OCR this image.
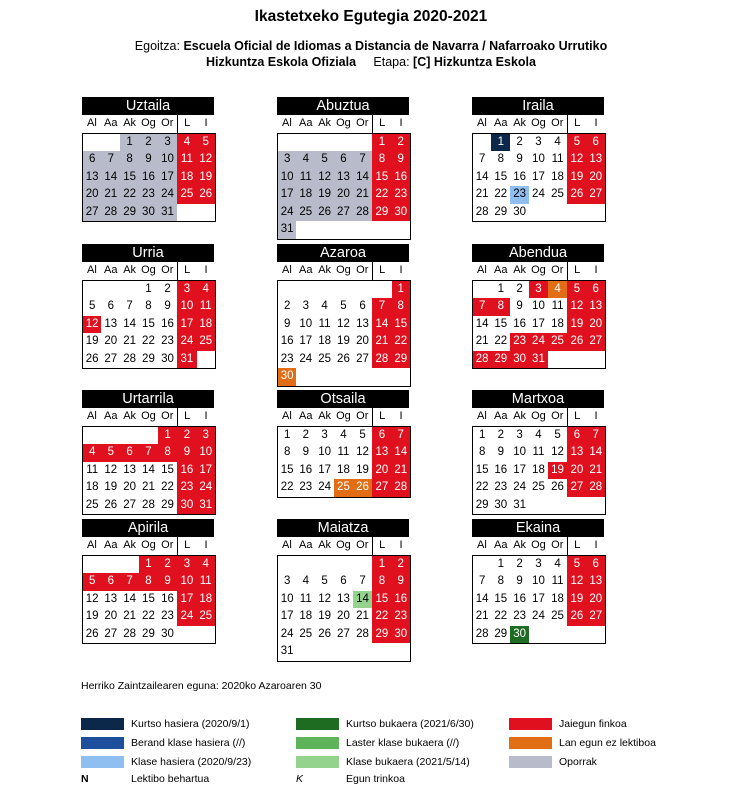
Ikastetxeko Egutegia 2020-2021
Egoitza: Escuela Oficial de Idiomas a Distancia de Navarra / Nafarroako Urrutiko
Hizkuntza Eskola Ofiziala Etapa: [C] Hizkuntza Eskola
Uztaila
Al	Aa	Ak	Og	Or	L	I
		1	2	3	4	5
6	7	8	9	10	11	12
13	14	15	16	17	18	19
20	21	22	23	24	25	26
27	28	29	30	31		
Abuztua
Al	Aa	Ak	Og	Or	L	I
					1	2
3	4	5	6	7	8	9
10	11	12	13	14	15	16
17	18	19	20	21	22	23
24	25	26	27	28	29	30
31						
Iraila
Al	Aa	Ak	Og	Or	L	I
	1	2	3	4	5	6
7	8	9	10	11	12	13
14	15	16	17	18	19	20
21	22	23	24	25	26	27
28	29	30				
Urria
Al	Aa	Ak	Og	Or	L	I
			1	2	3	4
5	6	7	8	9	10	11
12	13	14	15	16	17	18
19	20	21	22	23	24	25
26	27	28	29	30	31	
Azaroa
Al	Aa	Ak	Og	Or	L	I
						1
2	3	4	5	6	7	8
9	10	11	12	13	14	15
16	17	18	19	20	21	22
23	24	25	26	27	28	29
30						
Abendua
Al	Aa	Ak	Og	Or	L	I
	1	2	3	4	5	6
7	8	9	10	11	12	13
14	15	16	17	18	19	20
21	22	23	24	25	26	27
28	29	30	31			
Urtarrila
Al	Aa	Ak	Og	Or	L	I
				1	2	3
4	5	6	7	8	9	10
11	12	13	14	15	16	17
18	19	20	21	22	23	24
25	26	27	28	29	30	31
Otsaila
Al	Aa	Ak	Og	Or	L	I
1	2	3	4	5	6	7
8	9	10	11	12	13	14
15	16	17	18	19	20	21
22	23	24	25	26	27	28
Martxoa
Al	Aa	Ak	Og	Or	L	I
1	2	3	4	5	6	7
8	9	10	11	12	13	14
15	16	17	18	19	20	21
22	23	24	25	26	27	28
29	30	31				
Apirila
Al	Aa	Ak	Og	Or	L	I
			1	2	3	4
5	6	7	8	9	10	11
12	13	14	15	16	17	18
19	20	21	22	23	24	25
26	27	28	29	30		
Maiatza
Al	Aa	Ak	Og	Or	L	I
					1	2
3	4	5	6	7	8	9
10	11	12	13	14	15	16
17	18	19	20	21	22	23
24	25	26	27	28	29	30
31						
Ekaina
Al	Aa	Ak	Og	Or	L	I
	1	2	3	4	5	6
7	8	9	10	11	12	13
14	15	16	17	18	19	20
21	22	23	24	25	26	27
28	29	30				
Herriko Zaintzailearen eguna: 2020ko Azaroaren 30
Kurtso hasiera (2020/9/1)
Berand klase hasiera (//)
Klase hasiera (2020/9/23)
N	Lektibo behartua
Kurtso bukaera (2021/6/30)
Laster klase bukaera (//)
Klase bukaera (2021/5/14)
K	Egun trinkoa
Jaiegun finkoa
Lan egun ez lektiboa
Oporrak
